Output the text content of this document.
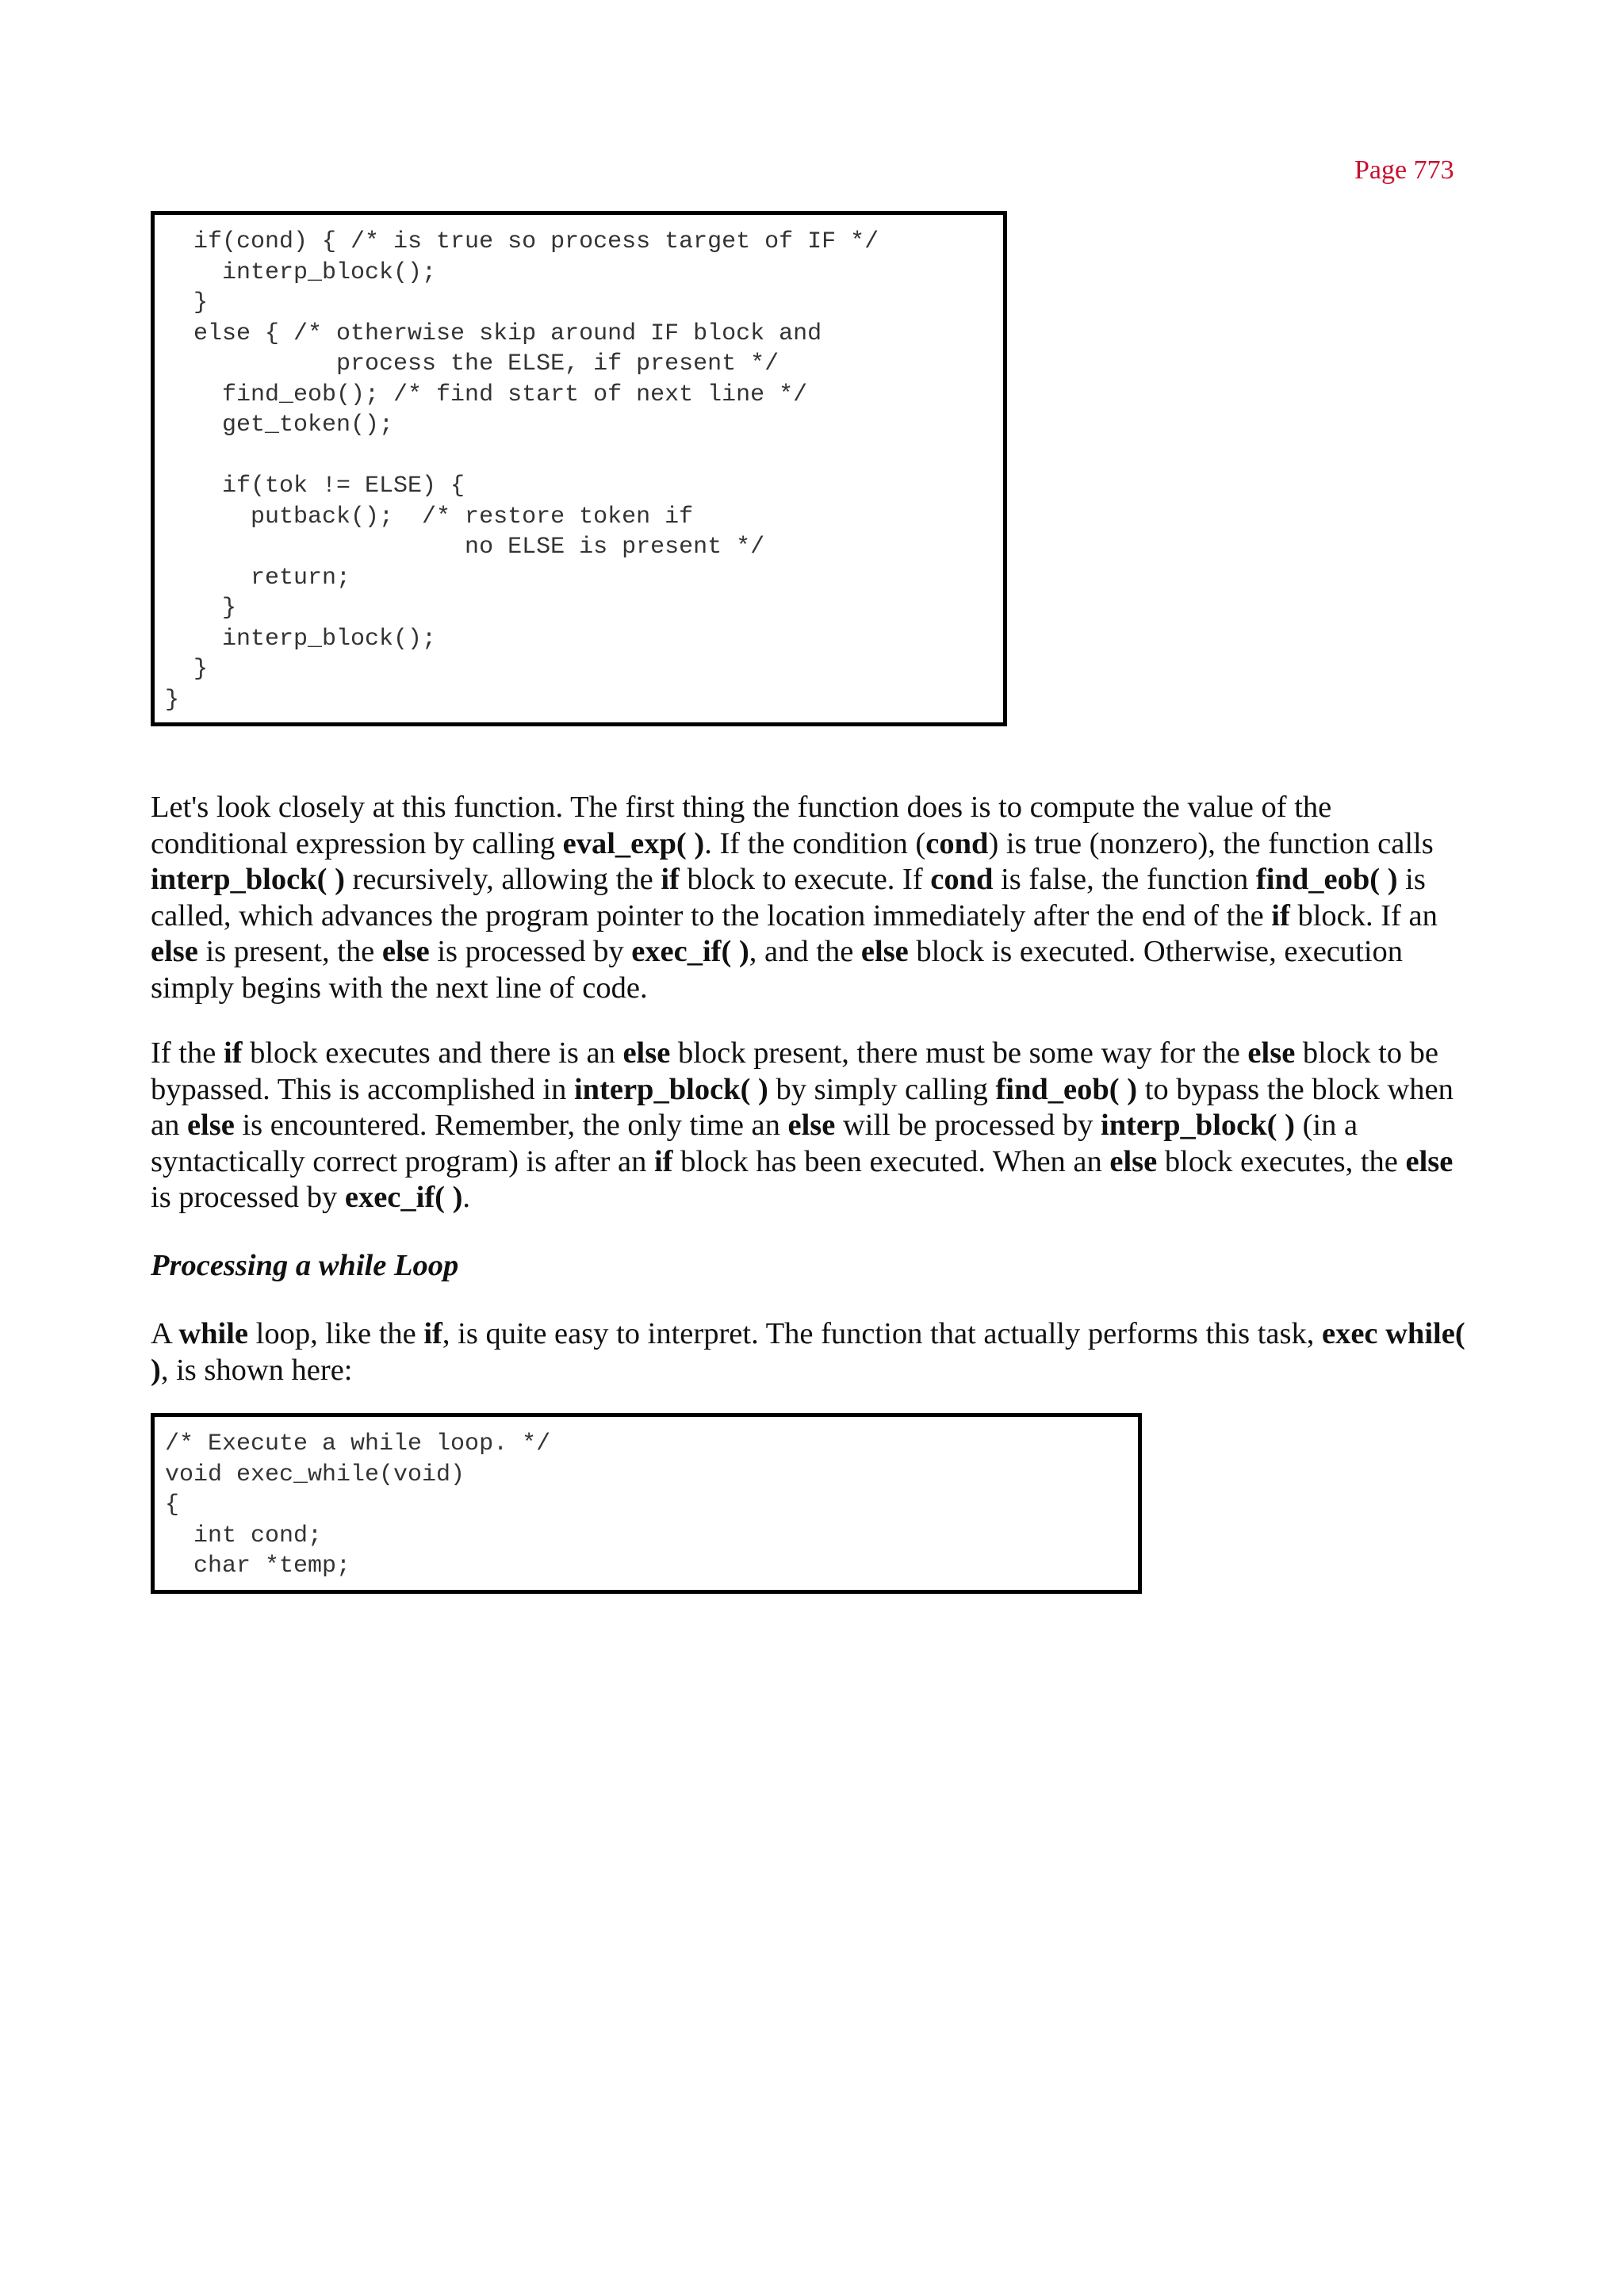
Page 773
if(cond) { /* is true so process target of IF */
interp_block();
}
else { /* otherwise skip around IF block and
process the ELSE, if present */
find_eob(); /* find start of next line */
get_token();

if(tok != ELSE) {
putback();  /* restore token if
no ELSE is present */
return;
}
interp_block();
}
}

Let's look closely at this function. The first thing the function does is to compute the value of the conditional expression by calling eval_exp( ). If the condition (cond) is true (nonzero), the function calls interp_block( ) recursively, allowing the if block to execute. If cond is false, the function find_eob( ) is called, which advances the program pointer to the location immediately after the end of the if block. If an else is present, the else is processed by exec_if( ), and the else block is executed. Otherwise, execution simply begins with the next line of code.

If the if block executes and there is an else block present, there must be some way for the else block to be bypassed. This is accomplished in interp_block( ) by simply calling find_eob( ) to bypass the block when an else is encountered. Remember, the only time an else will be processed by interp_block( ) (in a syntactically correct program) is after an if block has been executed. When an else block executes, the else is processed by exec_if( ).

Processing a while Loop

A while loop, like the if, is quite easy to interpret. The function that actually performs this task, exec while( ), is shown here:

/* Execute a while loop. */
void exec_while(void)
{
int cond;
char *temp;
